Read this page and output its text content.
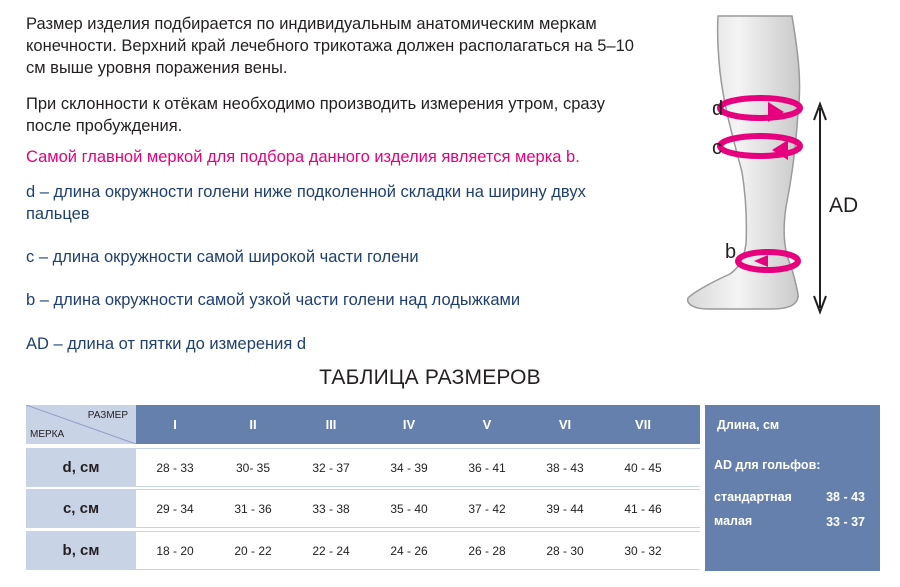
Размер изделия подбирается по индивидуальным анатомическим меркам конечности. Верхний край лечебного трикотажа должен располагаться на 5–10 см выше уровня поражения вены.
При склонности к отёкам необходимо производить измерения утром, сразу после пробуждения.
Самой главной меркой для подбора данного изделия является мерка b.
d – длина окружности голени ниже подколенной складки на ширину двух пальцев
c – длина окружности самой широкой части голени
b – длина окружности самой узкой части голени над лодыжками
AD – длина от пятки до измерения d
d
c
b
AD
ТАБЛИЦА РАЗМЕРОВ
РАЗМЕР
МЕРКА
I	II	III	IV	V	VI	VII
d, см	28 - 33	30- 35	32 - 37	34 - 39	36 - 41	38 - 43	40 - 45
c, см	29 - 34	31 - 36	33 - 38	35 - 40	37 - 42	39 - 44	41 - 46
b, см	18 - 20	20 - 22	22 - 24	24 - 26	26 - 28	28 - 30	30 - 32
Длина, см
AD для гольфов:
стандартная	38 - 43
малая	33 - 37
